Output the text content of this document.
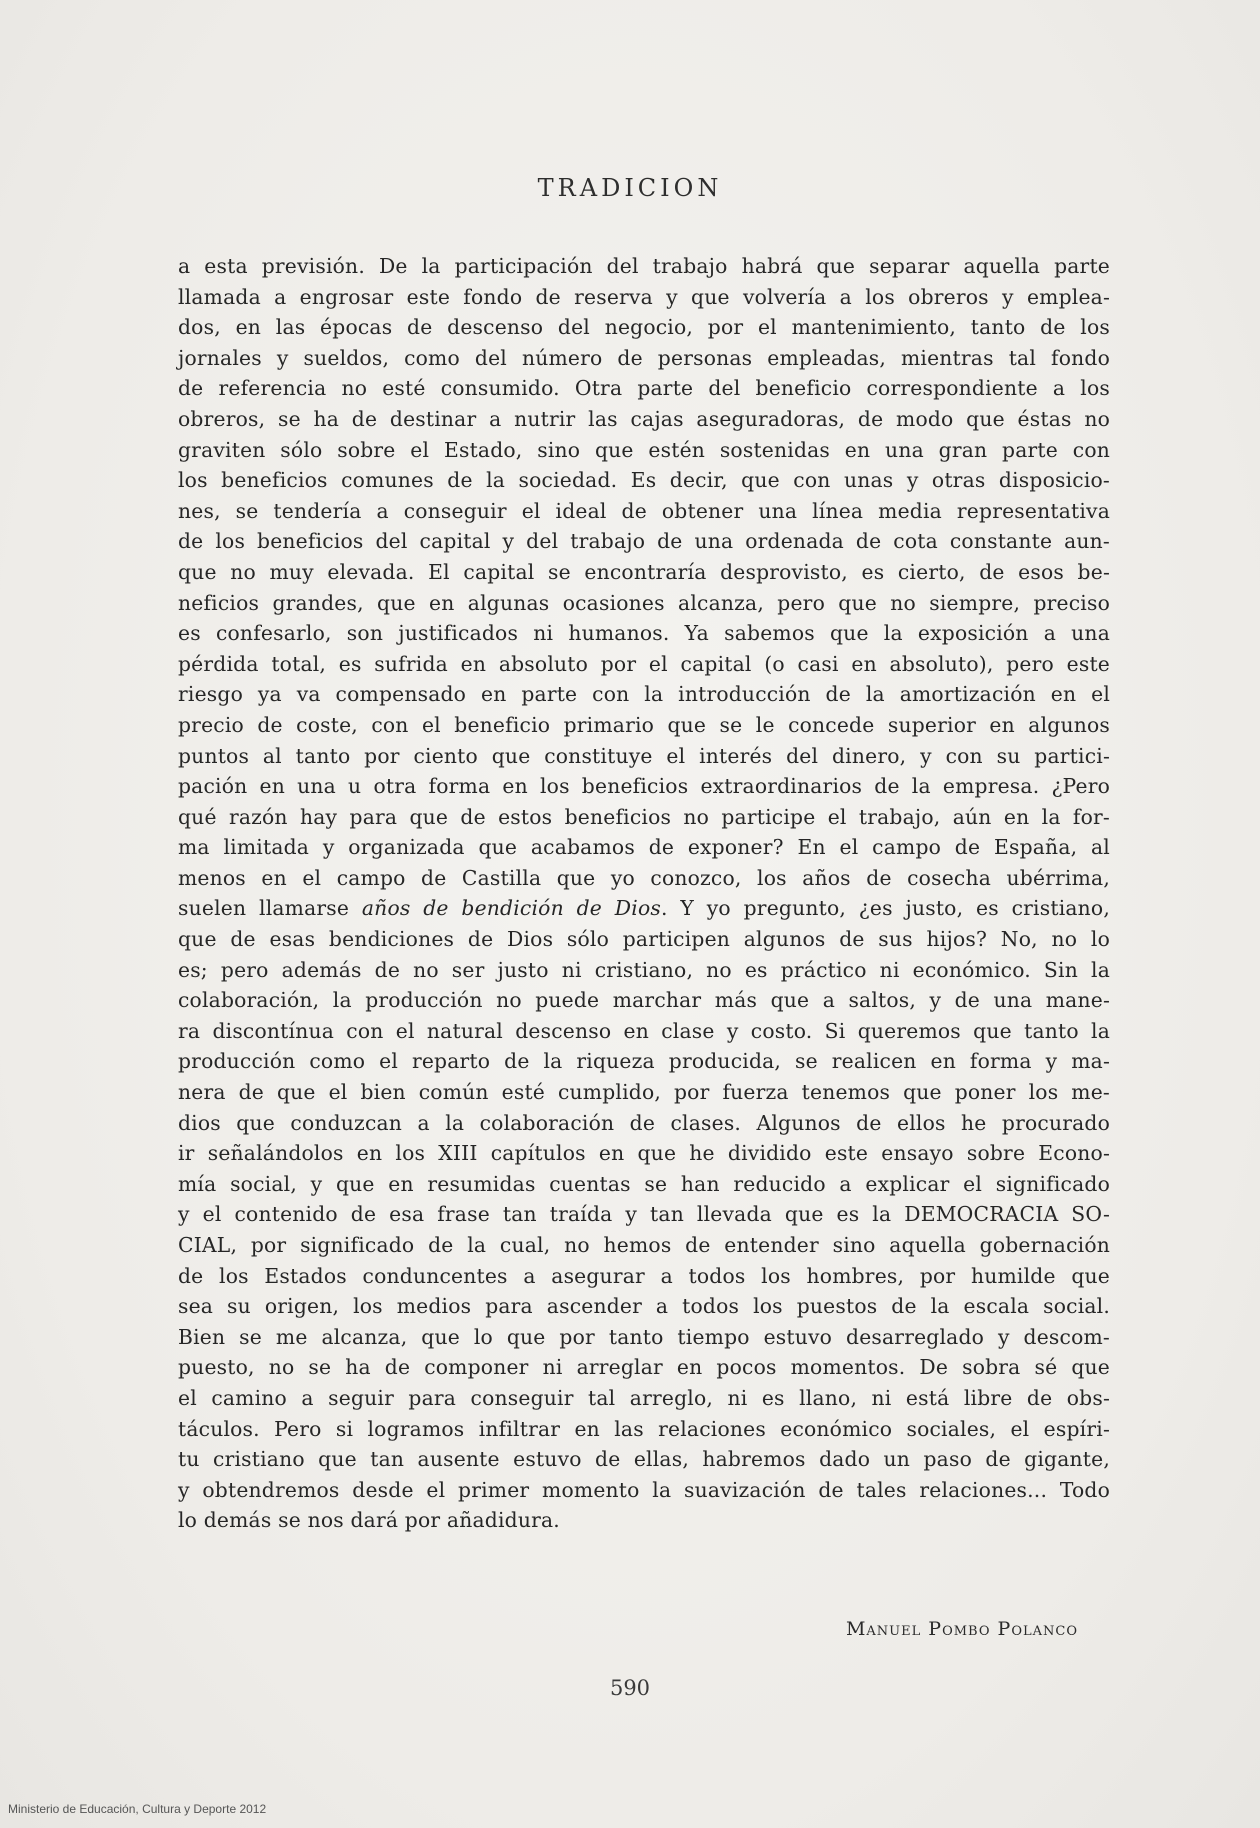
TRADICION
a esta previsión. De la participación del trabajo habrá que separar aquella parte
llamada a engrosar este fondo de reserva y que volvería a los obreros y emplea-
dos, en las épocas de descenso del negocio, por el mantenimiento, tanto de los
jornales y sueldos, como del número de personas empleadas, mientras tal fondo
de referencia no esté consumido. Otra parte del beneficio correspondiente a los
obreros, se ha de destinar a nutrir las cajas aseguradoras, de modo que éstas no
graviten sólo sobre el Estado, sino que estén sostenidas en una gran parte con
los beneficios comunes de la sociedad. Es decir, que con unas y otras disposicio-
nes, se tendería a conseguir el ideal de obtener una línea media representativa
de los beneficios del capital y del trabajo de una ordenada de cota constante aun-
que no muy elevada. El capital se encontraría desprovisto, es cierto, de esos be-
neficios grandes, que en algunas ocasiones alcanza, pero que no siempre, preciso
es confesarlo, son justificados ni humanos. Ya sabemos que la exposición a una
pérdida total, es sufrida en absoluto por el capital (o casi en absoluto), pero este
riesgo ya va compensado en parte con la introducción de la amortización en el
precio de coste, con el beneficio primario que se le concede superior en algunos
puntos al tanto por ciento que constituye el interés del dinero, y con su partici-
pación en una u otra forma en los beneficios extraordinarios de la empresa. ¿Pero
qué razón hay para que de estos beneficios no participe el trabajo, aún en la for-
ma limitada y organizada que acabamos de exponer? En el campo de España, al
menos en el campo de Castilla que yo conozco, los años de cosecha ubérrima,
suelen llamarse años de bendición de Dios. Y yo pregunto, ¿es justo, es cristiano,
que de esas bendiciones de Dios sólo participen algunos de sus hijos? No, no lo
es; pero además de no ser justo ni cristiano, no es práctico ni económico. Sin la
colaboración, la producción no puede marchar más que a saltos, y de una mane-
ra discontínua con el natural descenso en clase y costo. Si queremos que tanto la
producción como el reparto de la riqueza producida, se realicen en forma y ma-
nera de que el bien común esté cumplido, por fuerza tenemos que poner los me-
dios que conduzcan a la colaboración de clases. Algunos de ellos he procurado
ir señalándolos en los XIII capítulos en que he dividido este ensayo sobre Econo-
mía social, y que en resumidas cuentas se han reducido a explicar el significado
y el contenido de esa frase tan traída y tan llevada que es la DEMOCRACIA SO-
CIAL, por significado de la cual, no hemos de entender sino aquella gobernación
de los Estados conduncentes a asegurar a todos los hombres, por humilde que
sea su origen, los medios para ascender a todos los puestos de la escala social.
Bien se me alcanza, que lo que por tanto tiempo estuvo desarreglado y descom-
puesto, no se ha de componer ni arreglar en pocos momentos. De sobra sé que
el camino a seguir para conseguir tal arreglo, ni es llano, ni está libre de obs-
táculos. Pero si logramos infiltrar en las relaciones económico sociales, el espíri-
tu cristiano que tan ausente estuvo de ellas, habremos dado un paso de gigante,
y obtendremos desde el primer momento la suavización de tales relaciones... Todo
lo demás se nos dará por añadidura.
Manuel Pombo Polanco
590
Ministerio de Educación, Cultura y Deporte 2012
